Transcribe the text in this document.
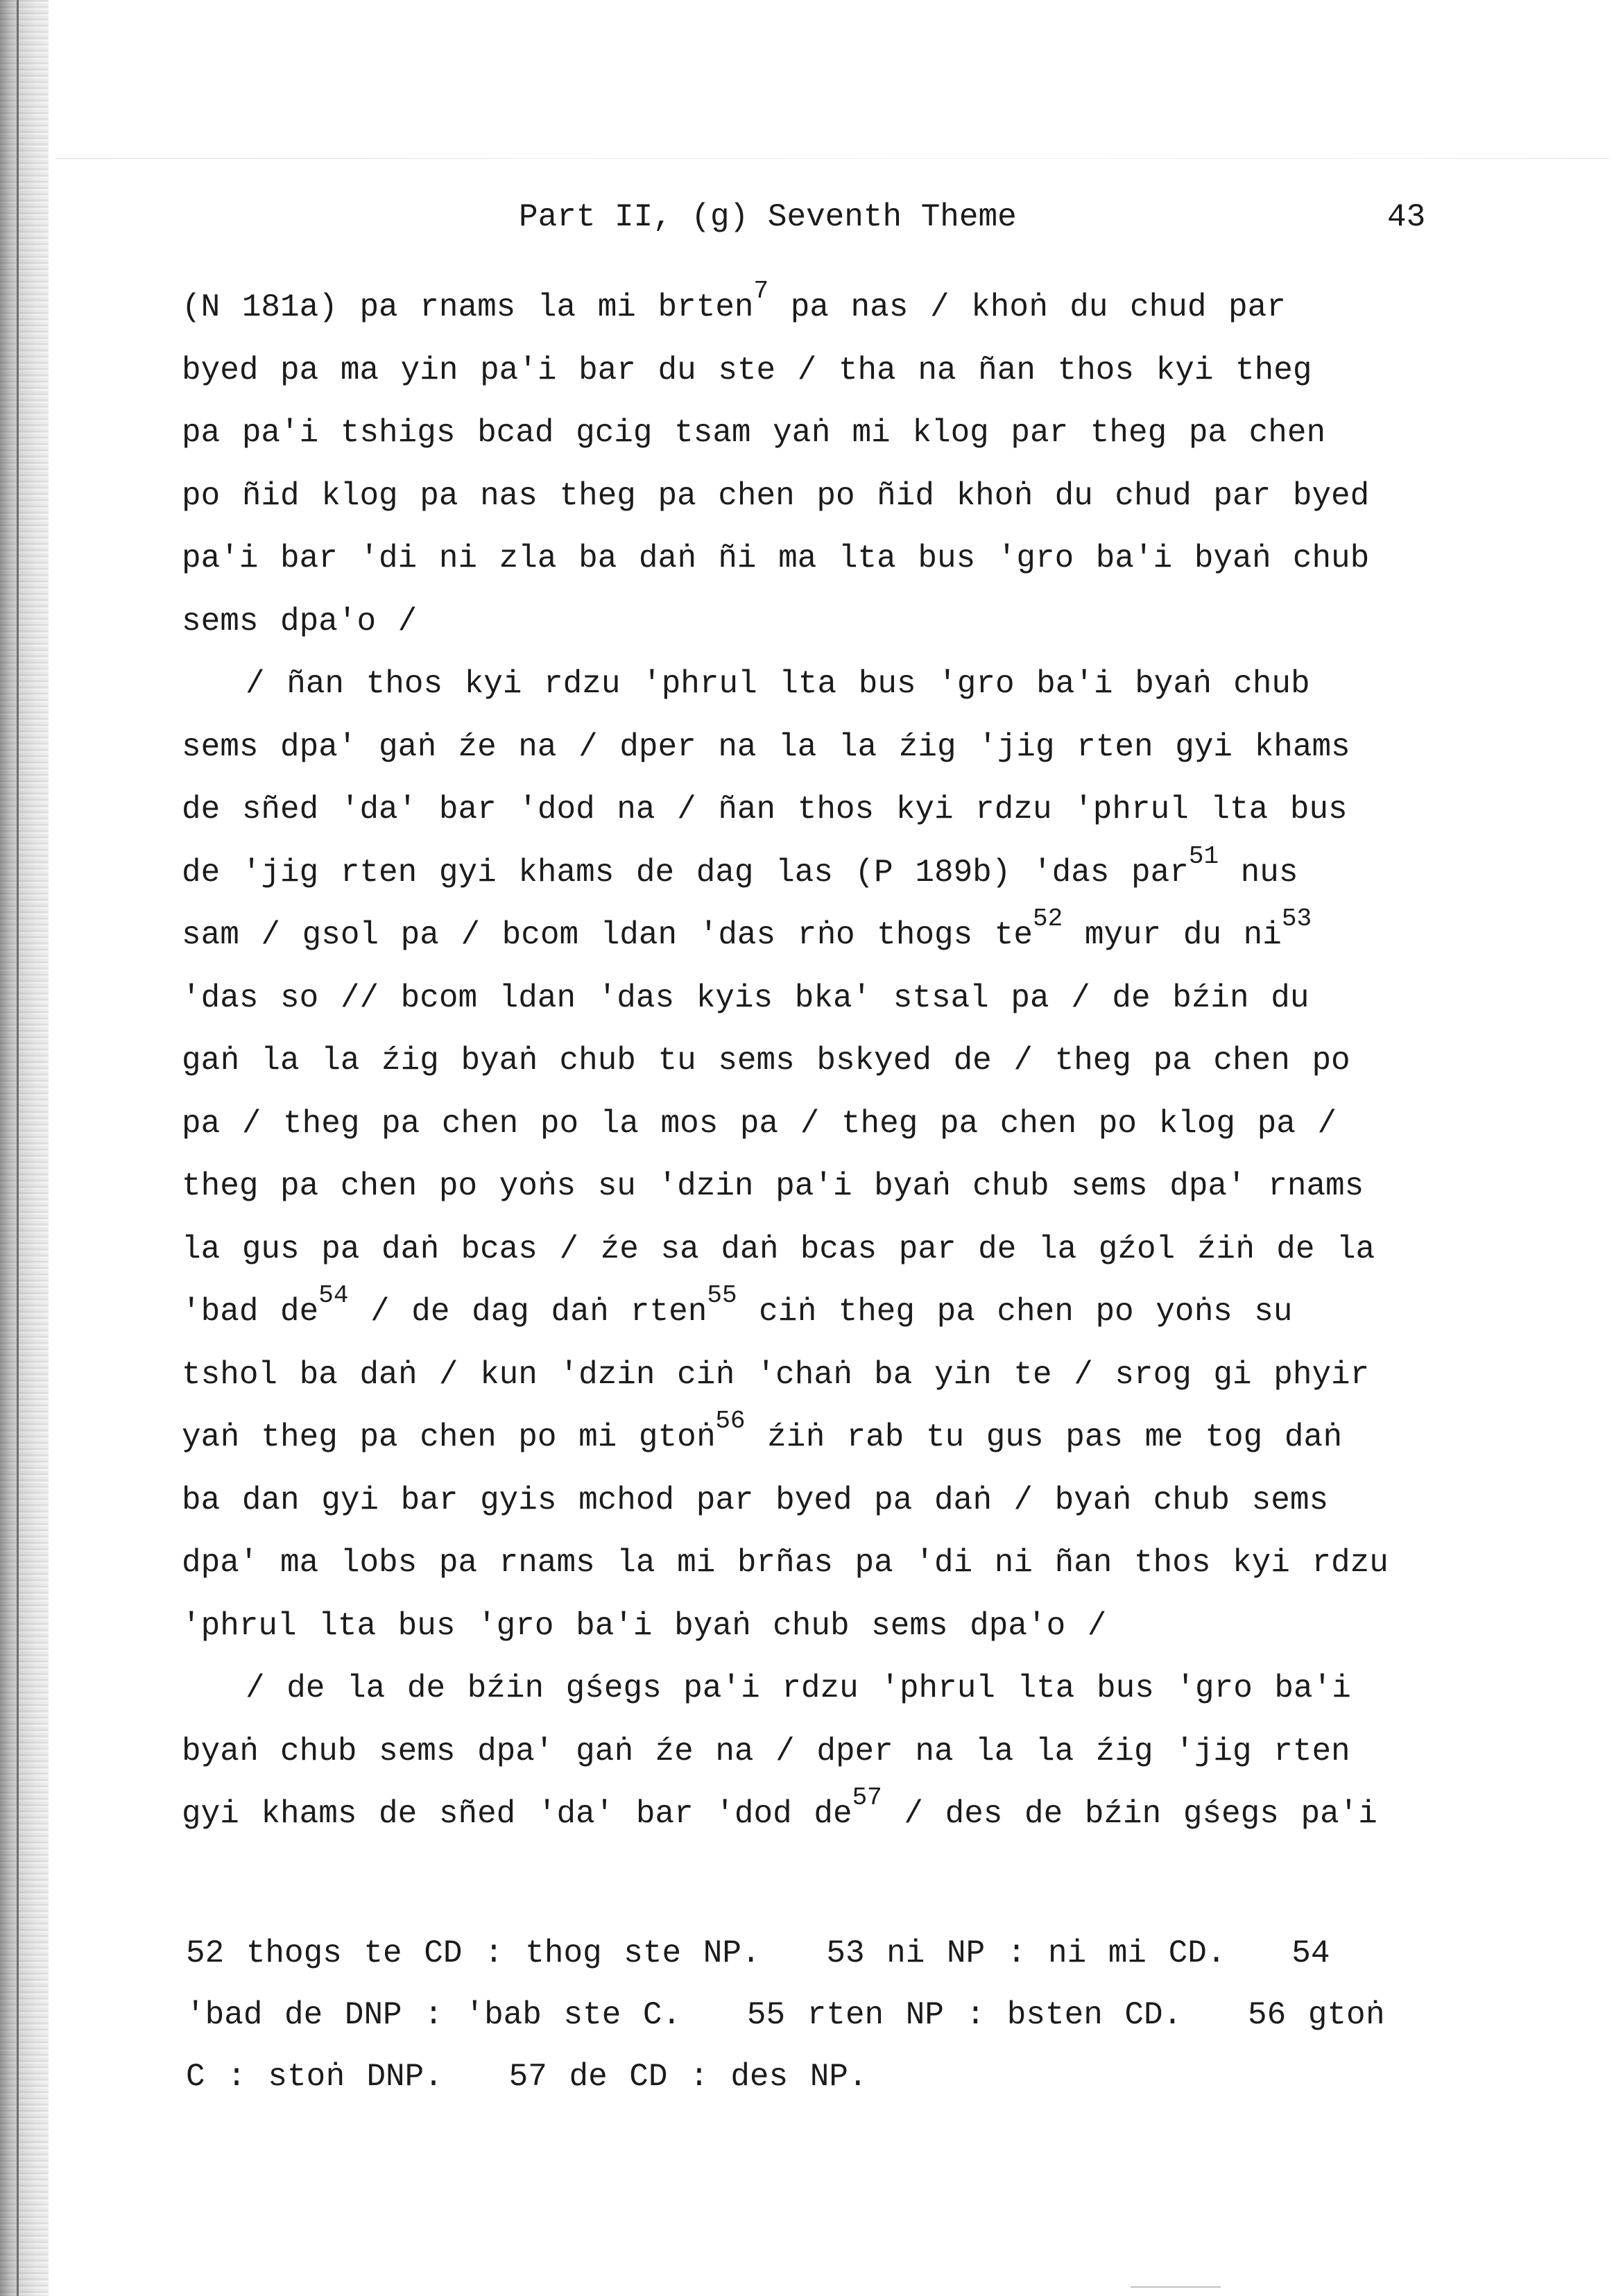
Part II, (g) Seventh Theme	43
(N 181a) pa rnams la mi brten$^7$ pa nas / khoṅ du chud par
byed pa ma yin pa'i bar du ste / tha na ñan thos kyi theg
pa pa'i tshigs bcad gcig tsam yaṅ mi klog par theg pa chen
po ñid klog pa nas theg pa chen po ñid khoṅ du chud par byed
pa'i bar 'di ni zla ba daṅ ñi ma lta bus 'gro ba'i byaṅ chub
sems dpa'o /
/ ñan thos kyi rdzu 'phrul lta bus 'gro ba'i byaṅ chub
sems dpa' gaṅ źe na / dper na la la źig 'jig rten gyi khams
de sñed 'da' bar 'dod na / ñan thos kyi rdzu 'phrul lta bus
de 'jig rten gyi khams de dag las (P 189b) 'das par$^{51}$ nus
sam / gsol pa / bcom ldan 'das rṅo thogs te$^{52}$ myur du ni$^{53}$
'das so // bcom ldan 'das kyis bka' stsal pa / de bźin du
gaṅ la la źig byaṅ chub tu sems bskyed de / theg pa chen po
pa / theg pa chen po la mos pa / theg pa chen po klog pa /
theg pa chen po yoṅs su 'dzin pa'i byaṅ chub sems dpa' rnams
la gus pa daṅ bcas / źe sa daṅ bcas par de la gźol źiṅ de la
'bad de$^{54}$ / de dag daṅ rten$^{55}$ ciṅ theg pa chen po yoṅs su
tshol ba daṅ / kun 'dzin ciṅ 'chaṅ ba yin te / srog gi phyir
yaṅ theg pa chen po mi gtoṅ$^{56}$ źiṅ rab tu gus pas me tog daṅ
ba dan gyi bar gyis mchod par byed pa daṅ / byaṅ chub sems
dpa' ma lobs pa rnams la mi brñas pa 'di ni ñan thos kyi rdzu
'phrul lta bus 'gro ba'i byaṅ chub sems dpa'o /
/ de la de bźin gśegs pa'i rdzu 'phrul lta bus 'gro ba'i
byaṅ chub sems dpa' gaṅ źe na / dper na la la źig 'jig rten
gyi khams de sñed 'da' bar 'dod de$^{57}$ / des de bźin gśegs pa'i
52 thogs te CD : thog ste NP.   53 ni NP : ni mi CD.   54
'bad de DNP : 'bab ste C.   55 rten NP : bsten CD.   56 gtoṅ
C : stoṅ DNP.   57 de CD : des NP.
